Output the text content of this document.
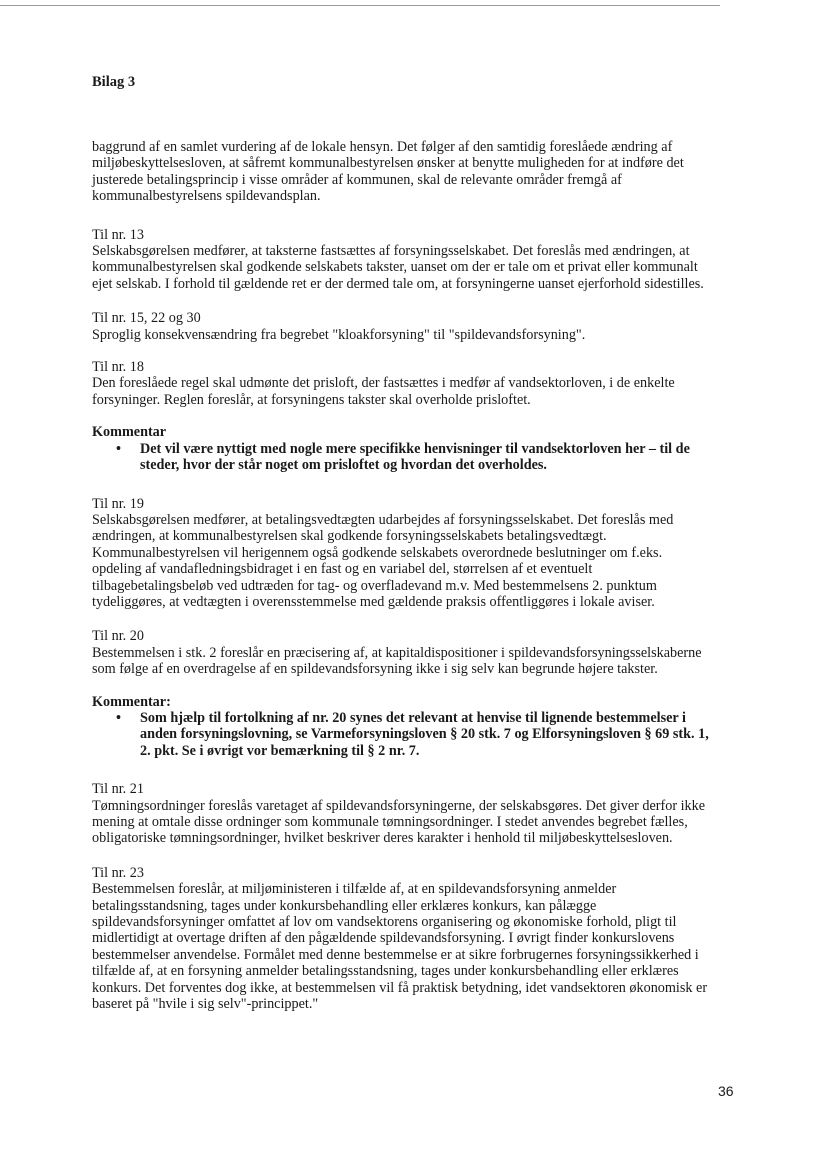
Bilag 3
baggrund af en samlet vurdering af de lokale hensyn. Det følger af den samtidig foreslåede ændring af
miljøbeskyttelsesloven, at såfremt kommunalbestyrelsen ønsker at benytte muligheden for at indføre det
justerede betalingsprincip i visse områder af kommunen, skal de relevante områder fremgå af
kommunalbestyrelsens spildevandsplan.
Til nr. 13
Selskabsgørelsen medfører, at taksterne fastsættes af forsyningsselskabet. Det foreslås med ændringen, at
kommunalbestyrelsen skal godkende selskabets takster, uanset om der er tale om et privat eller kommunalt
ejet selskab. I forhold til gældende ret er der dermed tale om, at forsyningerne uanset ejerforhold sidestilles.
Til nr. 15, 22 og 30
Sproglig konsekvensændring fra begrebet "kloakforsyning" til "spildevandsforsyning".
Til nr. 18
Den foreslåede regel skal udmønte det prisloft, der fastsættes i medfør af vandsektorloven, i de enkelte
forsyninger. Reglen foreslår, at forsyningens takster skal overholde prisloftet.
Kommentar
• Det vil være nyttigt med nogle mere specifikke henvisninger til vandsektorloven her – til de
steder, hvor der står noget om prisloftet og hvordan det overholdes.
Til nr. 19
Selskabsgørelsen medfører, at betalingsvedtægten udarbejdes af forsyningsselskabet. Det foreslås med
ændringen, at kommunalbestyrelsen skal godkende forsyningsselskabets betalingsvedtægt.
Kommunalbestyrelsen vil herigennem også godkende selskabets overordnede beslutninger om f.eks.
opdeling af vandafledningsbidraget i en fast og en variabel del, størrelsen af et eventuelt
tilbagebetalingsbeløb ved udtræden for tag- og overfladevand m.v. Med bestemmelsens 2. punktum
tydeliggøres, at vedtægten i overensstemmelse med gældende praksis offentliggøres i lokale aviser.
Til nr. 20
Bestemmelsen i stk. 2 foreslår en præcisering af, at kapitaldispositioner i spildevandsforsyningsselskaberne
som følge af en overdragelse af en spildevandsforsyning ikke i sig selv kan begrunde højere takster.
Kommentar:
• Som hjælp til fortolkning af nr. 20 synes det relevant at henvise til lignende bestemmelser i
anden forsyningslovning, se Varmeforsyningsloven § 20 stk. 7 og Elforsyningsloven § 69 stk. 1,
2. pkt. Se i øvrigt vor bemærkning til § 2 nr. 7.
Til nr. 21
Tømningsordninger foreslås varetaget af spildevandsforsyningerne, der selskabsgøres. Det giver derfor ikke
mening at omtale disse ordninger som kommunale tømningsordninger. I stedet anvendes begrebet fælles,
obligatoriske tømningsordninger, hvilket beskriver deres karakter i henhold til miljøbeskyttelsesloven.
Til nr. 23
Bestemmelsen foreslår, at miljøministeren i tilfælde af, at en spildevandsforsyning anmelder
betalingsstandsning, tages under konkursbehandling eller erklæres konkurs, kan pålægge
spildevandsforsyninger omfattet af lov om vandsektorens organisering og økonomiske forhold, pligt til
midlertidigt at overtage driften af den pågældende spildevandsforsyning. I øvrigt finder konkurslovens
bestemmelser anvendelse. Formålet med denne bestemmelse er at sikre forbrugernes forsyningssikkerhed i
tilfælde af, at en forsyning anmelder betalingsstandsning, tages under konkursbehandling eller erklæres
konkurs. Det forventes dog ikke, at bestemmelsen vil få praktisk betydning, idet vandsektoren økonomisk er
baseret på "hvile i sig selv"-princippet."
36
